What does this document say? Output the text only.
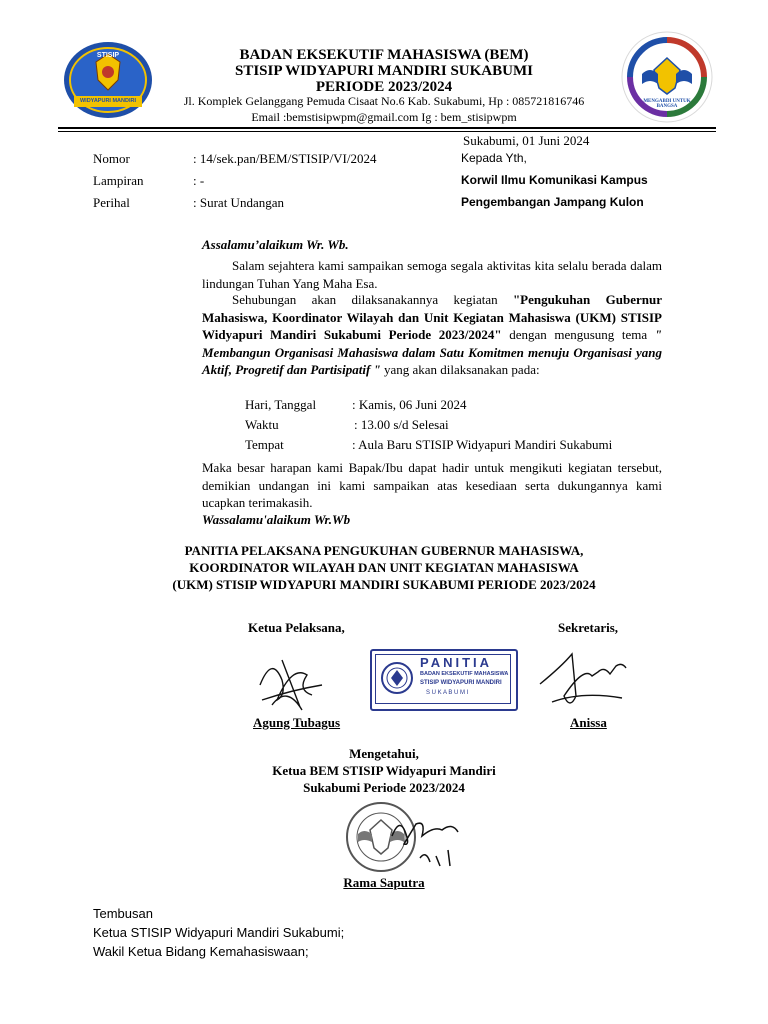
STISIP
WIDYAPURI MANDIRI	MENGABDI UNTUK BANGSA
BADAN EKSEKUTIF MAHASISWA (BEM)
STISIP WIDYAPURI MANDIRI SUKABUMI
PERIODE 2023/2024
Jl. Komplek Gelanggang Pemuda Cisaat No.6 Kab. Sukabumi, Hp : 085721816746
Email :bemstisipwpm@gmail.com Ig : bem_stisipwpm
Sukabumi, 01 Juni 2024
Nomor	: 14/sek.pan/BEM/STISIP/VI/2024
Lampiran	: -
Perihal	: Surat Undangan
Kepada Yth,
Korwil Ilmu Komunikasi Kampus
Pengembangan Jampang Kulon
Assalamu’alaikum Wr. Wb.
Salam sejahtera kami sampaikan semoga segala aktivitas kita selalu berada dalam lindungan Tuhan Yang Maha Esa.
Sehubungan akan dilaksanakannya kegiatan "Pengukuhan Gubernur Mahasiswa, Koordinator Wilayah dan Unit Kegiatan Mahasiswa (UKM) STISIP Widyapuri Mandiri Sukabumi Periode 2023/2024" dengan mengusung tema " Membangun Organisasi Mahasiswa dalam Satu Komitmen menuju Organisasi yang Aktif, Progretif dan Partisipatif " yang akan dilaksanakan pada:
Hari, Tanggal	: Kamis, 06 Juni 2024
Waktu	: 13.00 s/d Selesai
Tempat	: Aula Baru STISIP Widyapuri Mandiri Sukabumi
Maka besar harapan kami Bapak/Ibu dapat hadir untuk mengikuti kegiatan tersebut, demikian undangan ini kami sampaikan atas kesediaan serta dukungannya kami ucapkan terimakasih.
Wassalamu'alaikum Wr.Wb
PANITIA PELAKSANA PENGUKUHAN GUBERNUR MAHASISWA,
KOORDINATOR WILAYAH DAN UNIT KEGIATAN MAHASISWA
(UKM) STISIP WIDYAPURI MANDIRI SUKABUMI PERIODE 2023/2024
Ketua Pelaksana,	Sekretaris,
PANITIA
BADAN EKSEKUTIF MAHASISWA
STISIP WIDYAPURI MANDIRI
S U K A B U M I
Agung Tubagus	Anissa
Mengetahui,
Ketua BEM STISIP Widyapuri Mandiri
Sukabumi Periode 2023/2024
Rama Saputra
Tembusan
Ketua STISIP Widyapuri Mandiri Sukabumi;
Wakil Ketua Bidang Kemahasiswaan;
